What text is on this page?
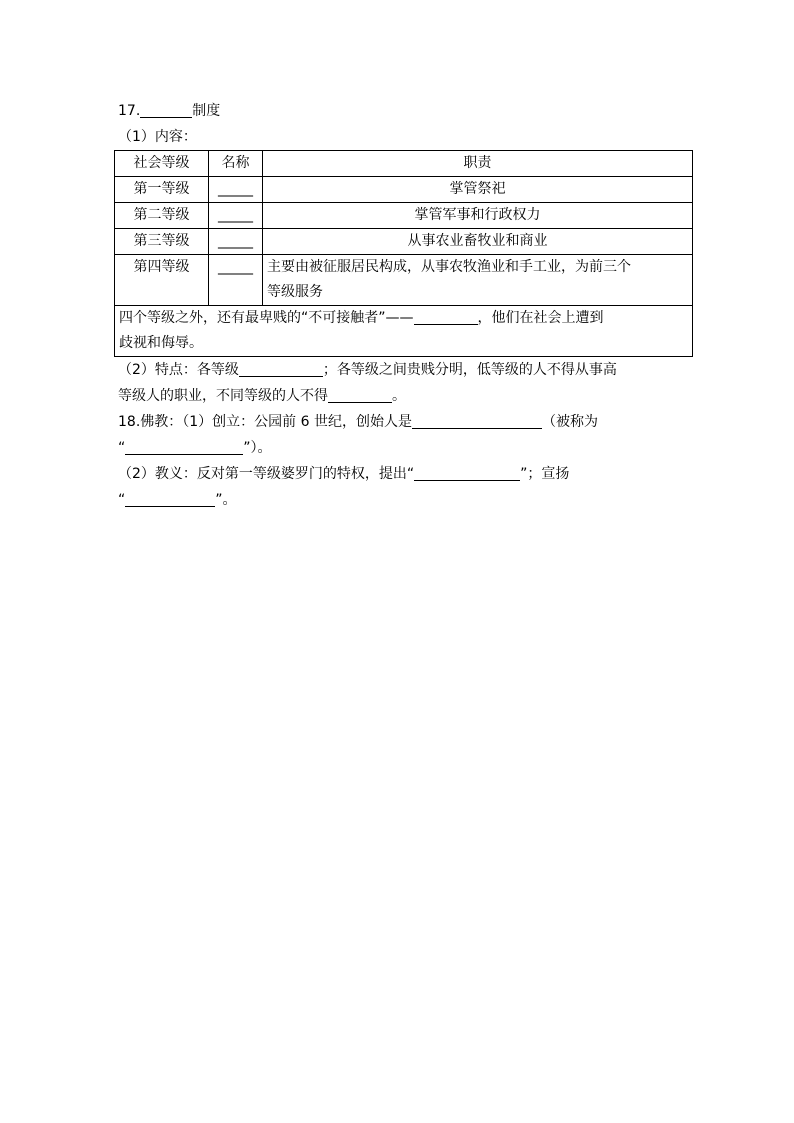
17.	制度
（1）内容：
社会等级	名称	职责
第一等级	_____	掌管祭祀
第二等级	_____	掌管军事和行政权力
第三等级	_____	从事农业畜牧业和商业
第四等级	_____	主要由被征服居民构成，从事农牧渔业和手工业，为前三个
等级服务

四个等级之外，还有最卑贱的“不可接触者”—— ，他们在社会上遭到
歧视和侮辱。		
（2）特点：各等级	；各等级之间贵贱分明，低等级的人不得从事高
等级人的职业，不同等级的人不得	。
18.佛教：（1）创立：公园前 6 世纪，创始人是	（被称为
“	”）。
（2）教义：反对第一等级婆罗门的特权，提出“	”；宣扬
“	”。
